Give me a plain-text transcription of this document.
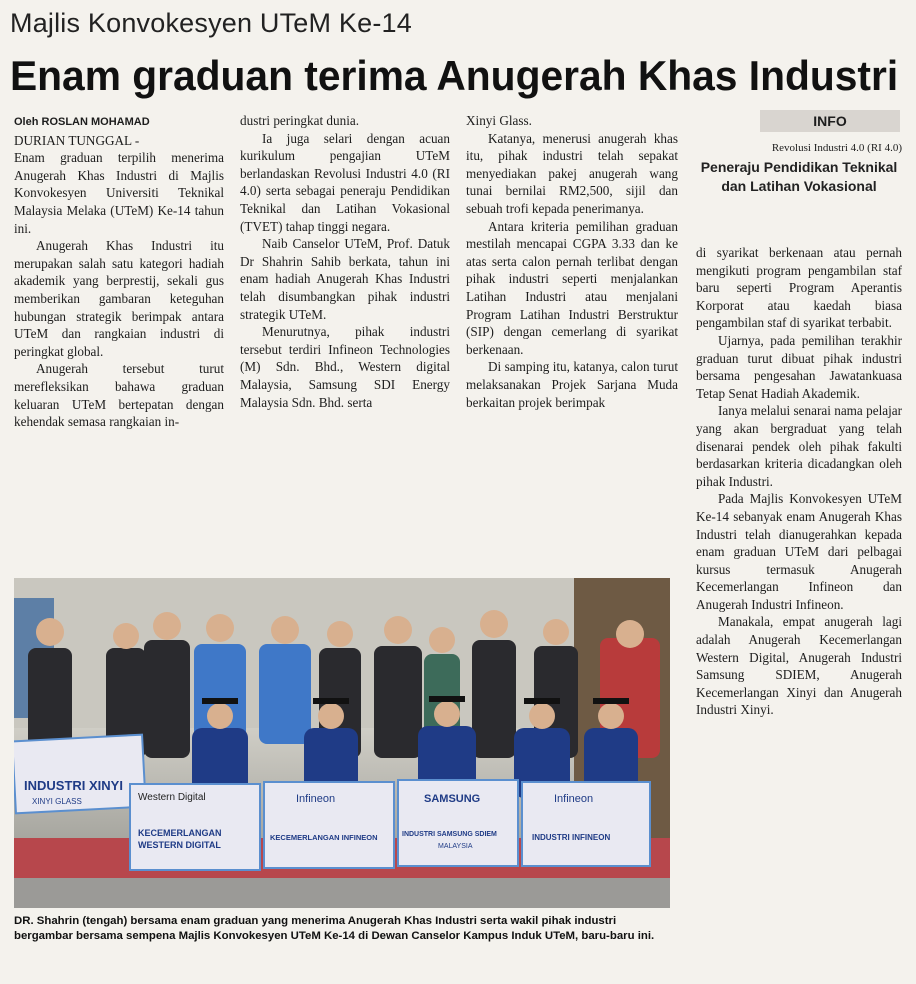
Majlis Konvokesyen UTeM Ke-14
Enam graduan terima Anugerah Khas Industri

Oleh ROSLAN MOHAMAD

DURIAN TUNGGAL -

Enam graduan terpilih menerima Anugerah Khas Industri di Majlis Konvokesyen Universiti Teknikal Malaysia Melaka (UTeM) Ke-14 tahun ini.

Anugerah Khas Industri itu merupakan salah satu kategori hadiah akademik yang berprestij, sekali gus memberikan gambaran keteguhan hubungan strategik berimpak antara UTeM dan rangkaian industri di peringkat global.

Anugerah tersebut turut merefleksikan bahawa graduan keluaran UTeM bertepatan dengan kehendak semasa rangkaian in-

dustri peringkat dunia.

Ia juga selari dengan acuan kurikulum pengajian UTeM berlandaskan Revolusi Industri 4.0 (RI 4.0) serta sebagai peneraju Pendidikan Teknikal dan Latihan Vokasional (TVET) tahap tinggi negara.

Naib Canselor UTeM, Prof. Datuk Dr Shahrin Sahib berkata, tahun ini enam hadiah Anugerah Khas Industri telah disumbangkan pihak industri strategik UTeM.

Menurutnya, pihak industri tersebut terdiri Infineon Technologies (M) Sdn. Bhd., Western digital Malaysia, Samsung SDI Energy Malaysia Sdn. Bhd. serta

Xinyi Glass.

Katanya, menerusi anugerah khas itu, pihak industri telah sepakat menyediakan pakej anugerah wang tunai bernilai RM2,500, sijil dan sebuah trofi kepada penerimanya.

Antara kriteria pemilihan graduan mestilah mencapai CGPA 3.33 dan ke atas serta calon pernah terlibat dengan pihak industri seperti menjalankan Latihan Industri atau menjalani Program Latihan Industri Berstruktur (SIP) dengan cemerlang di syarikat berkenaan.

Di samping itu, katanya, calon turut melaksanakan Projek Sarjana Muda berkaitan projek berimpak

INFO
Revolusi Industri 4.0 (RI 4.0)
Peneraju Pendidikan Teknikal dan Latihan Vokasional

di syarikat berkenaan atau pernah mengikuti program pengambilan staf baru seperti Program Aperantis Korporat atau kaedah biasa pengambilan staf di syarikat terbabit.

Ujarnya, pada pemilihan terakhir graduan turut dibuat pihak industri bersama pengesahan Jawatankuasa Tetap Senat Hadiah Akademik.

Ianya melalui senarai nama pelajar yang akan bergraduat yang telah disenarai pendek oleh pihak fakulti berdasarkan kriteria dicadangkan oleh pihak Industri.

Pada Majlis Konvokesyen UTeM Ke-14 sebanyak enam Anugerah Khas Industri telah dianugerahkan kepada enam graduan UTeM dari pelbagai kursus termasuk Anugerah Kecemerlangan Infineon dan Anugerah Industri Infineon.

Manakala, empat anugerah lagi adalah Anugerah Kecemerlangan Western Digital, Anugerah Industri Samsung SDIEM, Anugerah Kecemerlangan Xinyi dan Anugerah Industri Xinyi.

INDUSTRI XINYI
XINYI GLASS	Western Digital
KECEMERLANGAN
WESTERN DIGITAL
Infineon
KECEMERLANGAN INFINEON
SAMSUNG
INDUSTRI SAMSUNG SDIEM
MALAYSIA
Infineon
INDUSTRI INFINEON
DR. Shahrin (tengah) bersama enam graduan yang menerima Anugerah Khas Industri serta wakil pihak industri bergambar bersama sempena Majlis Konvokesyen UTeM Ke-14 di Dewan Canselor Kampus Induk UTeM, baru-baru ini.
